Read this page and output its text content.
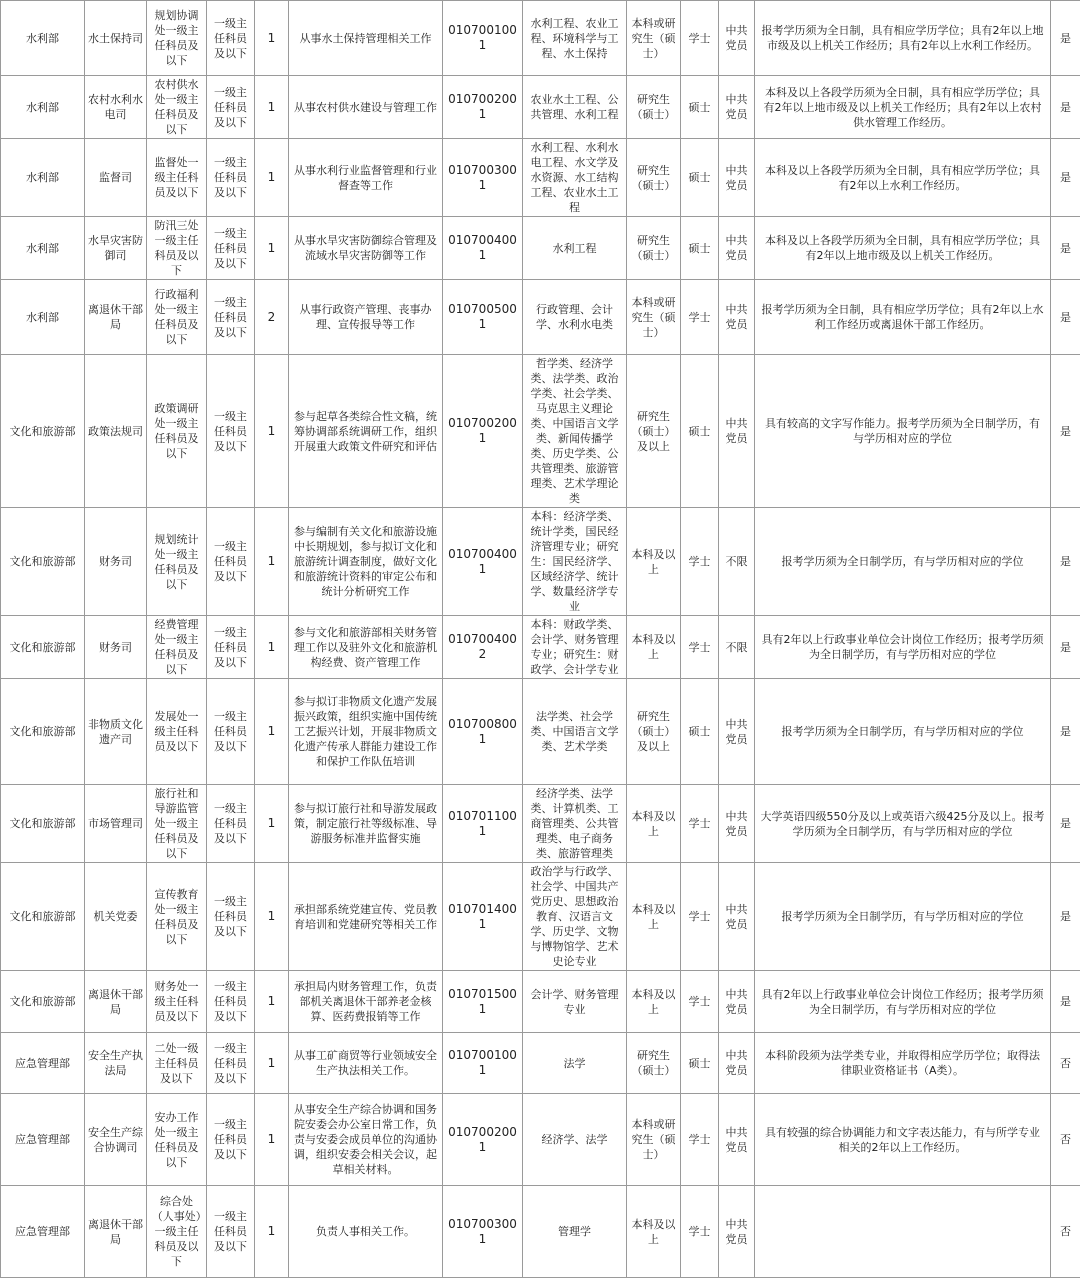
水利部	水土保持司	规划协调处一级主任科员及以下	一级主任科员及以下	1	从事水土保持管理相关工作	0107001001	水利工程、农业工程、环境科学与工程、水土保持	本科或研究生（硕士）	学士	中共党员	报考学历须为全日制，具有相应学历学位；具有2年以上地市级及以上机关工作经历；具有2年以上水利工作经历。	是
水利部	农村水利水电司	农村供水处一级主任科员及以下	一级主任科员及以下	1	从事农村供水建设与管理工作	0107002001	农业水土工程、公共管理、水利工程	研究生（硕士）	硕士	中共党员	本科及以上各段学历须为全日制，具有相应学历学位；具有2年以上地市级及以上机关工作经历；具有2年以上农村供水管理工作经历。	是
水利部	监督司	监督处一级主任科员及以下	一级主任科员及以下	1	从事水利行业监督管理和行业督查等工作	0107003001	水利工程、水利水电工程、水文学及水资源、水工结构工程、农业水土工程	研究生（硕士）	硕士	中共党员	本科及以上各段学历须为全日制，具有相应学历学位；具有2年以上水利工作经历。	是
水利部	水旱灾害防御司	防汛三处一级主任科员及以下	一级主任科员及以下	1	从事水旱灾害防御综合管理及流域水旱灾害防御等工作	0107004001	水利工程	研究生（硕士）	硕士	中共党员	本科及以上各段学历须为全日制，具有相应学历学位；具有2年以上地市级及以上机关工作经历。	是
水利部	离退休干部局	行政福利处一级主任科员及以下	一级主任科员及以下	2	从事行政资产管理、丧事办理、宣传报导等工作	0107005001	行政管理、会计学、水利水电类	本科或研究生（硕士）	学士	中共党员	报考学历须为全日制，具有相应学历学位；具有2年以上水利工作经历或离退休干部工作经历。	是
文化和旅游部	政策法规司	政策调研处一级主任科员及以下	一级主任科员及以下	1	参与起草各类综合性文稿，统筹协调部系统调研工作，组织开展重大政策文件研究和评估	0107002001	哲学类、经济学类、法学类、政治学类、社会学类、马克思主义理论类、中国语言文学类、新闻传播学类、历史学类、公共管理类、旅游管理类、艺术学理论类	研究生（硕士）及以上	硕士	中共党员	具有较高的文字写作能力。报考学历须为全日制学历，有与学历相对应的学位	是
文化和旅游部	财务司	规划统计处一级主任科员及以下	一级主任科员及以下	1	参与编制有关文化和旅游设施中长期规划，参与拟订文化和旅游统计调查制度，做好文化和旅游统计资料的审定公布和统计分析研究工作	0107004001	本科：经济学类、统计学类，国民经济管理专业；研究生：国民经济学、区域经济学、统计学、数量经济学专业	本科及以上	学士	不限	报考学历须为全日制学历，有与学历相对应的学位	是
文化和旅游部	财务司	经费管理处一级主任科员及以下	一级主任科员及以下	1	参与文化和旅游部相关财务管理工作以及驻外文化和旅游机构经费、资产管理工作	0107004002	本科：财政学类、会计学、财务管理专业；研究生：财政学、会计学专业	本科及以上	学士	不限	具有2年以上行政事业单位会计岗位工作经历；报考学历须为全日制学历，有与学历相对应的学位	是
文化和旅游部	非物质文化遗产司	发展处一级主任科员及以下	一级主任科员及以下	1	参与拟订非物质文化遗产发展振兴政策，组织实施中国传统工艺振兴计划，开展非物质文化遗产传承人群能力建设工作和保护工作队伍培训	0107008001	法学类、社会学类、中国语言文学类、艺术学类	研究生（硕士）及以上	硕士	中共党员	报考学历须为全日制学历，有与学历相对应的学位	是
文化和旅游部	市场管理司	旅行社和导游监管处一级主任科员及以下	一级主任科员及以下	1	参与拟订旅行社和导游发展政策，制定旅行社等级标准、导游服务标准并监督实施	0107011001	经济学类、法学类、计算机类、工商管理类、公共管理类、电子商务类、旅游管理类	本科及以上	学士	中共党员	大学英语四级550分及以上或英语六级425分及以上。报考学历须为全日制学历，有与学历相对应的学位	是
文化和旅游部	机关党委	宣传教育处一级主任科员及以下	一级主任科员及以下	1	承担部系统党建宣传、党员教育培训和党建研究等相关工作	0107014001	政治学与行政学、社会学、中国共产党历史、思想政治教育、汉语言文学、历史学、文物与博物馆学、艺术史论专业	本科及以上	学士	中共党员	报考学历须为全日制学历，有与学历相对应的学位	是
文化和旅游部	离退休干部局	财务处一级主任科员及以下	一级主任科员及以下	1	承担局内财务管理工作，负责部机关离退休干部养老金核算、医药费报销等工作	0107015001	会计学、财务管理专业	本科及以上	学士	中共党员	具有2年以上行政事业单位会计岗位工作经历；报考学历须为全日制学历，有与学历相对应的学位	是
应急管理部	安全生产执法局	二处一级主任科员及以下	一级主任科员及以下	1	从事工矿商贸等行业领域安全生产执法相关工作。	0107001001	法学	研究生（硕士）	硕士	中共党员	本科阶段须为法学类专业，并取得相应学历学位；取得法律职业资格证书（A类）。	否
应急管理部	安全生产综合协调司	安办工作处一级主任科员及以下	一级主任科员及以下	1	从事安全生产综合协调和国务院安委会办公室日常工作，负责与安委会成员单位的沟通协调，组织安委会相关会议，起草相关材料。	0107002001	经济学、法学	本科或研究生（硕士）	学士	中共党员	具有较强的综合协调能力和文字表达能力，有与所学专业相关的2年以上工作经历。	否
应急管理部	离退休干部局	综合处（人事处）一级主任科员及以下	一级主任科员及以下	1	负责人事相关工作。	0107003001	管理学	本科及以上	学士	中共党员		否
